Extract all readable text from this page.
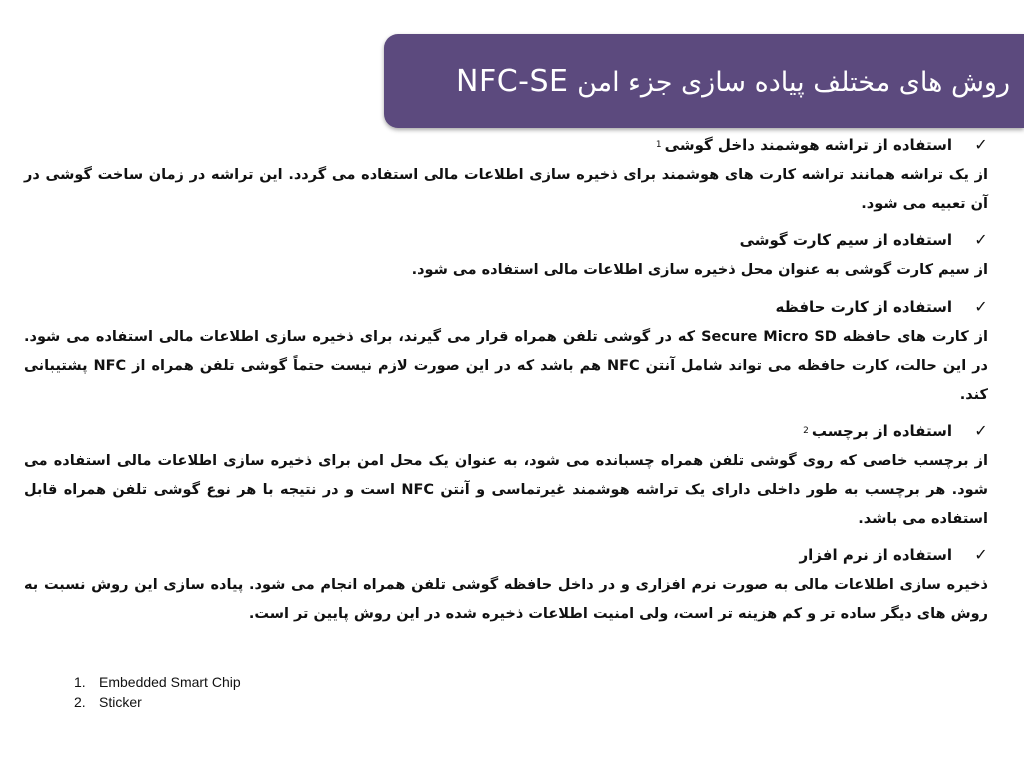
روش های مختلف پیاده سازی جزء امن NFC-SE
✓
استفاده از تراشه هوشمند داخل گوشی
1

از یک تراشه همانند تراشه کارت های هوشمند برای ذخیره سازی اطلاعات مالی استفاده می گردد. این تراشه در زمان ساخت گوشی در آن تعبیه می شود.

✓
استفاده از سیم کارت گوشی

از سیم کارت گوشی به عنوان محل ذخیره سازی اطلاعات مالی استفاده می شود.

✓
استفاده از کارت حافظه

از کارت های حافظه Secure Micro SD که در گوشی تلفن همراه قرار می گیرند، برای ذخیره سازی اطلاعات مالی استفاده می شود. در این حالت، کارت حافظه می تواند شامل آنتن NFC هم باشد که در این صورت لازم نیست حتماً گوشی تلفن همراه از NFC پشتیبانی کند.

✓
استفاده از برچسب
2

از برچسب خاصی که روی گوشی تلفن همراه چسبانده می شود، به عنوان یک محل امن برای ذخیره سازی اطلاعات مالی استفاده می شود. هر برچسب به طور داخلی دارای یک تراشه هوشمند غیرتماسی و آنتن NFC است و در نتیجه با هر نوع گوشی تلفن همراه قابل استفاده می باشد.

✓
استفاده از نرم افزار

ذخیره سازی اطلاعات مالی به صورت نرم افزاری و در داخل حافظه گوشی تلفن همراه انجام می شود. پیاده سازی این روش نسبت به روش های دیگر ساده تر و کم هزینه تر است، ولی امنیت اطلاعات ذخیره شده در این روش پایین تر است.

1. Embedded Smart Chip
2. Sticker
